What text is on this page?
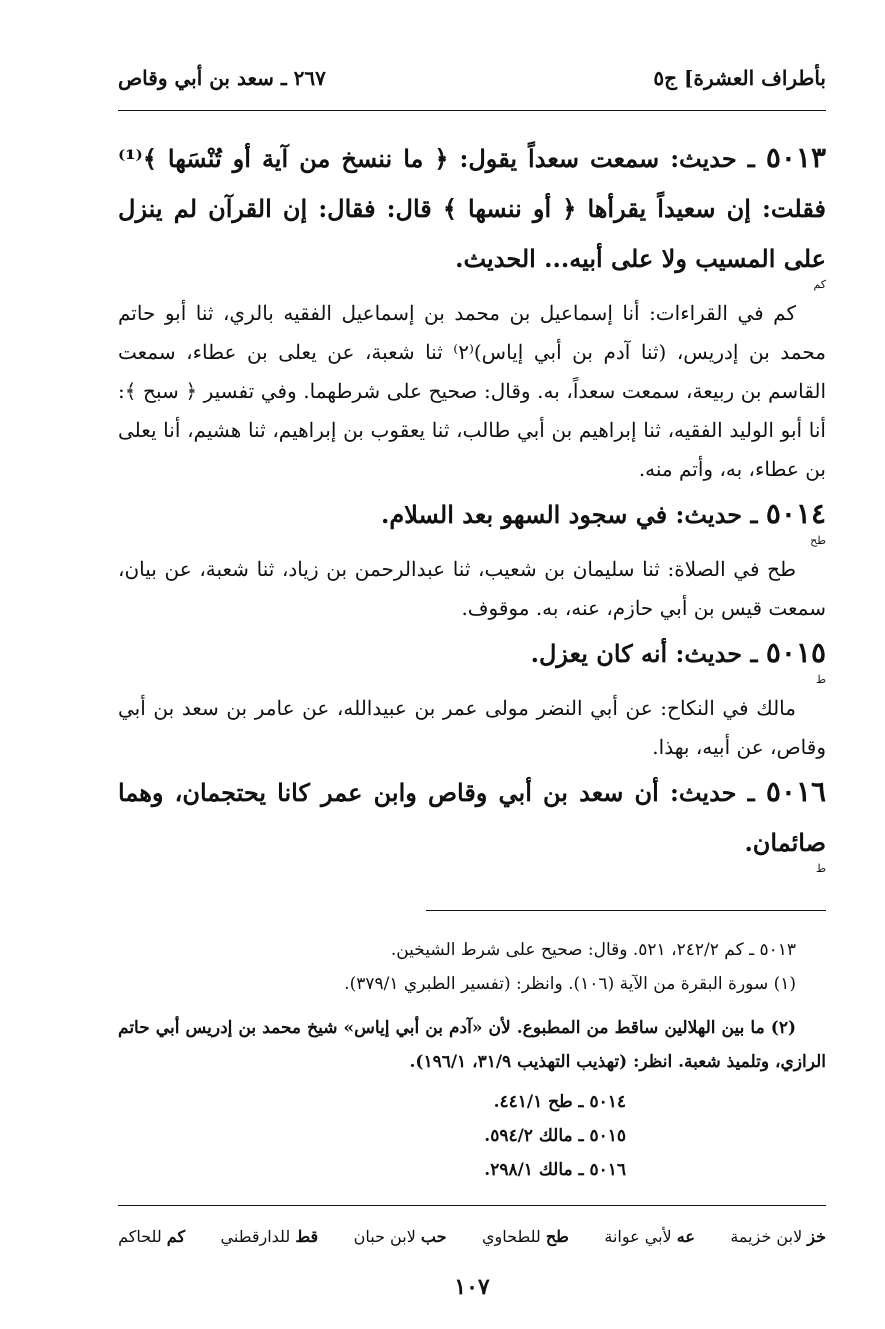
بأطراف العشرة] ج٥
٢٦٧ ـ سعد بن أبي وقاص
٥٠١٣ ـ حديث: سمعت سعداً يقول: ﴿ ما ننسخ من آية أو تُنْسَها ﴾⁽¹⁾ فقلت: إن سعيداً يقرأها ﴿ أو ننسها ﴾ قال: فقال: إن القرآن لم ينزل على المسيب ولا على أبيه... الحديث.
كم
كم في القراءات: أنا إسماعيل بن محمد بن إسماعيل الفقيه بالري، ثنا أبو حاتم محمد بن إدريس، (ثنا آدم بن أبي إياس)⁽٢⁾ ثنا شعبة، عن يعلى بن عطاء، سمعت القاسم بن ربيعة، سمعت سعداً، به. وقال: صحيح على شرطهما. وفي تفسير ﴿ سبح ﴾: أنا أبو الوليد الفقيه، ثنا إبراهيم بن أبي طالب، ثنا يعقوب بن إبراهيم، ثنا هشيم، أنا يعلى بن عطاء، به، وأتم منه.
٥٠١٤ ـ حديث: في سجود السهو بعد السلام.
طح
طح في الصلاة: ثنا سليمان بن شعيب، ثنا عبدالرحمن بن زياد، ثنا شعبة، عن بيان، سمعت قيس بن أبي حازم، عنه، به. موقوف.
٥٠١٥ ـ حديث: أنه كان يعزل.
ط
مالك في النكاح: عن أبي النضر مولى عمر بن عبيدالله، عن عامر بن سعد بن أبي وقاص، عن أبيه، بهذا.
٥٠١٦ ـ حديث: أن سعد بن أبي وقاص وابن عمر كانا يحتجمان، وهما صائمان.
ط
٥٠١٣ ـ كم ٢٤٢/٢، ٥٢١. وقال: صحيح على شرط الشيخين.
(١) سورة البقرة من الآية (١٠٦). وانظر: (تفسير الطبري ٣٧٩/١).
(٢) ما بين الهلالين ساقط من المطبوع. لأن «آدم بن أبي إياس» شيخ محمد بن إدريس أبي حاتم الرازي، وتلميذ شعبة. انظر: (تهذيب التهذيب ٣١/٩، ١٩٦/١).
٥٠١٤ ـ طح ٤٤١/١.
٥٠١٥ ـ مالك ٥٩٤/٢.
٥٠١٦ ـ مالك ٢٩٨/١.
خز لابن خزيمة
عه لأبي عوانة
طح للطحاوي
حب لابن حبان
قط للدارقطني
كم للحاكم
١٠٧
